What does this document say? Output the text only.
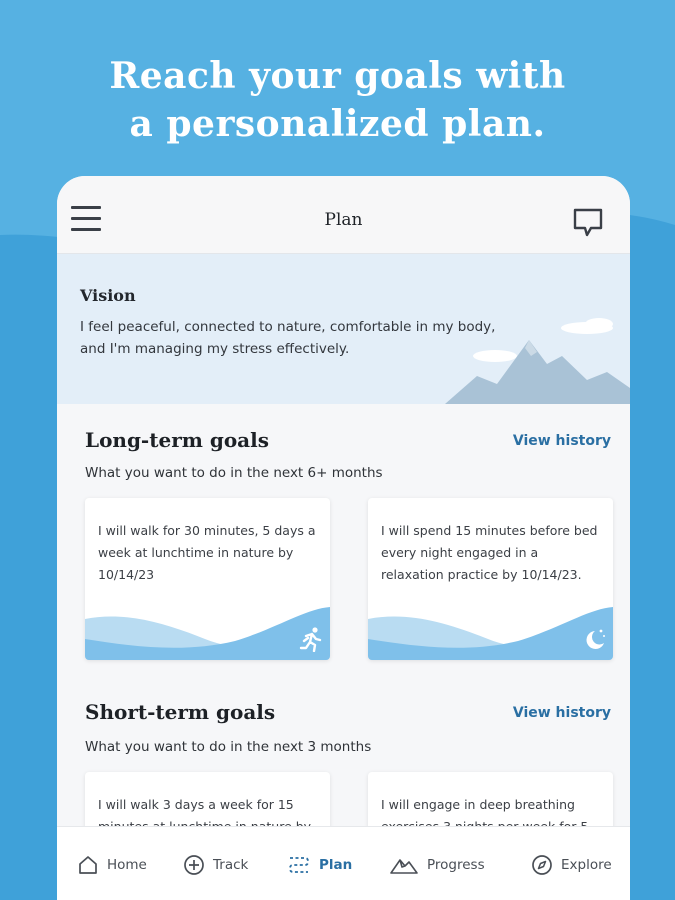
Reach your goals with
a personalized plan.
Plan
Vision
I feel peaceful, connected to nature, comfortable in my body, and I'm managing my stress effectively.
Long-term goals	View history
What you want to do in the next 6+ months
I will walk for 30 minutes, 5 days a week at lunchtime in nature by 10/14/23
I will spend 15 minutes before bed every night engaged in a relaxation practice by 10/14/23.
Short-term goals	View history
What you want to do in the next 3 months
I will walk 3 days a week for 15	I will engage in deep breathing
Home	Track	Plan	Progress	Explore
